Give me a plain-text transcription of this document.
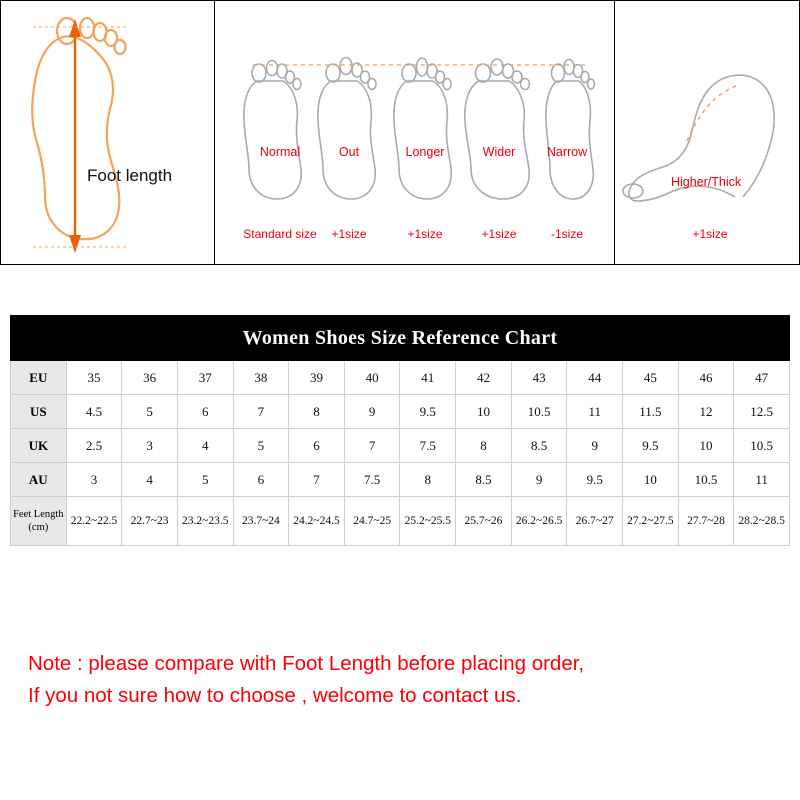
Foot length
Normal	Out	Longer	Wider	Narrow
Standard size	+1size	+1size	+1size	-1size
Higher/Thick
+1size
Women Shoes Size Reference Chart													
EU	35	36	37	38	39	40	41	42	43	44	45	46	47
US	4.5	5	6	7	8	9	9.5	10	10.5	11	11.5	12	12.5
UK	2.5	3	4	5	6	7	7.5	8	8.5	9	9.5	10	10.5
AU	3	4	5	6	7	7.5	8	8.5	9	9.5	10	10.5	11
Feet Length (cm)	22.2~22.5	22.7~23	23.2~23.5	23.7~24	24.2~24.5	24.7~25	25.2~25.5	25.7~26	26.2~26.5	26.7~27	27.2~27.5	27.7~28	28.2~28.5
Note : please compare with Foot Length before placing order,
If you not sure how to choose , welcome to contact us.
